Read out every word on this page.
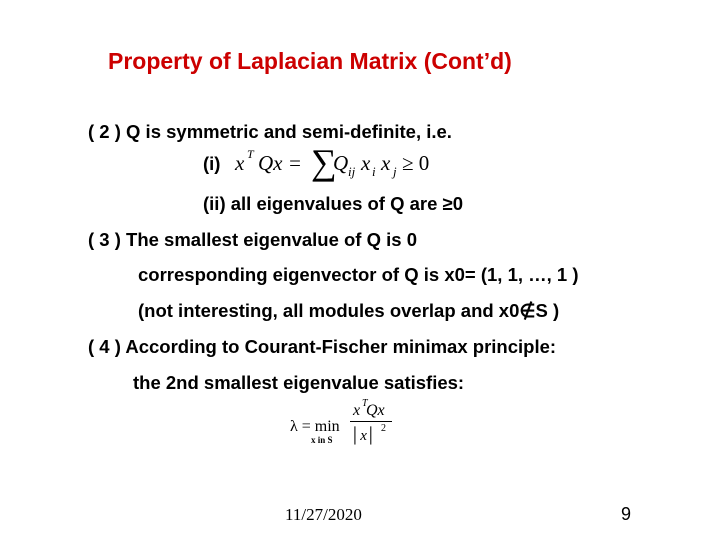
Property of Laplacian Matrix (Cont’d)
( 2 ) Q is symmetric and semi-definite, i.e.
(i) x T Qx = ∑
Q ij x i x j ≥ 0
(ii) all eigenvalues of Q are ≥0
( 3 ) The smallest eigenvalue of Q is 0
corresponding eigenvector of Q is x0= (1, 1, …, 1 )
(not interesting, all modules overlap and x0∉S )
( 4 ) According to Courant-Fischer minimax principle:
the 2nd smallest eigenvalue satisfies:
λ = min
x T
Qx
│x│ 2
x in S
11/27/2020	9
